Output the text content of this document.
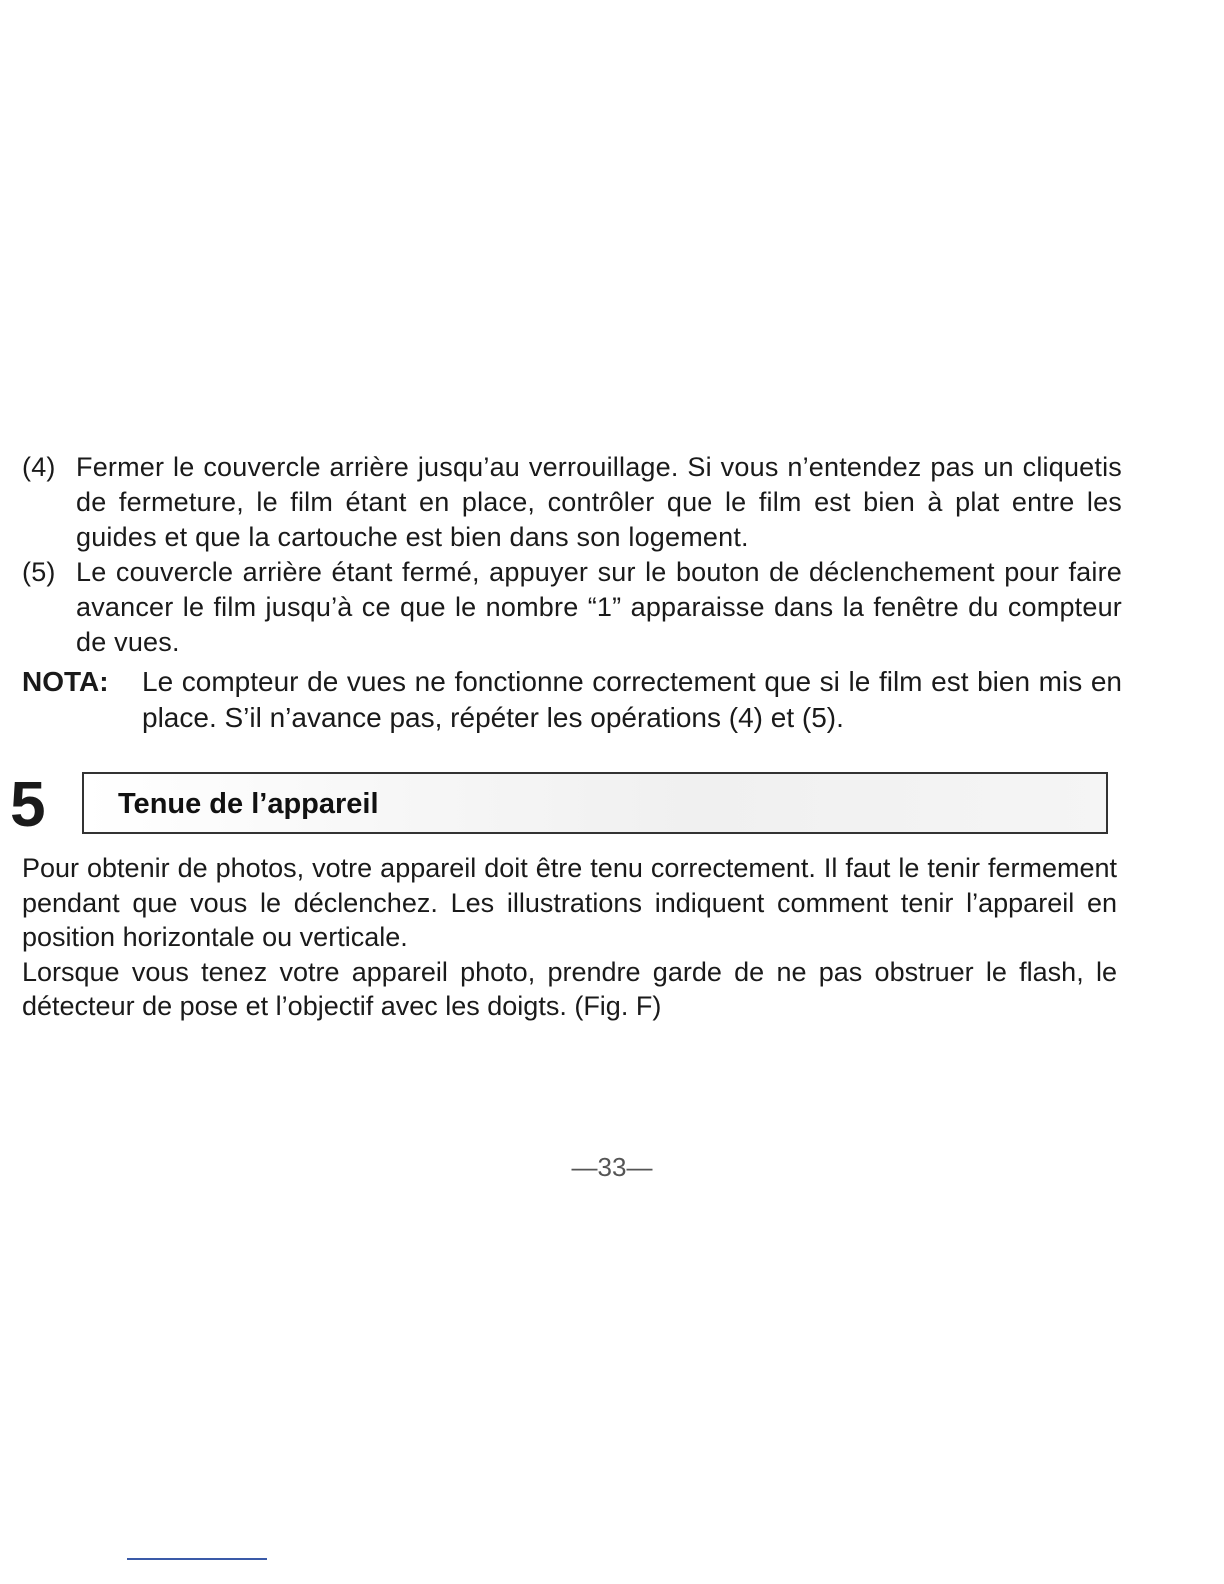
(4) Fermer le couvercle arrière jusqu’au verrouillage. Si vous n’entendez pas un cliquetis de fermeture, le film étant en place, contrôler que le film est bien à plat entre les guides et que la cartouche est bien dans son logement.
(5) Le couvercle arrière étant fermé, appuyer sur le bouton de déclenchement pour faire avancer le film jusqu’à ce que le nombre “1” apparaisse dans la fenêtre du compteur de vues.
NOTA: Le compteur de vues ne fonctionne correctement que si le film est bien mis en place. S’il n’avance pas, répéter les opérations (4) et (5).
5 Tenue de l’appareil

Pour obtenir de photos, votre appareil doit être tenu correctement. Il faut le tenir fermement pendant que vous le déclenchez. Les illustrations indiquent comment tenir l’appareil en position horizontale ou verticale.

Lorsque vous tenez votre appareil photo, prendre garde de ne pas obstruer le flash, le détecteur de pose et l’objectif avec les doigts. (Fig. F)

—33—
